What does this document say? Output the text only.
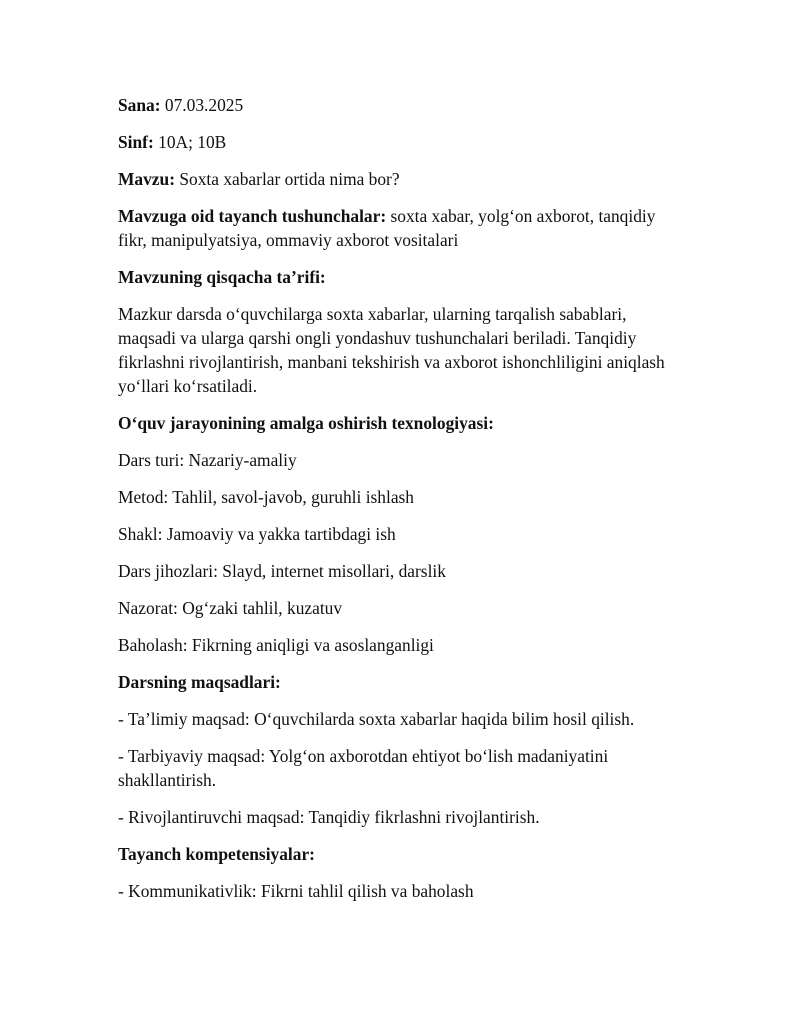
Sana: 07.03.2025

Sinf: 10A; 10B

Mavzu: Soxta xabarlar ortida nima bor?

Mavzuga oid tayanch tushunchalar: soxta xabar, yolg‘on axborot, tanqidiy fikr, manipulyatsiya, ommaviy axborot vositalari

Mavzuning qisqacha ta’rifi:

Mazkur darsda o‘quvchilarga soxta xabarlar, ularning tarqalish sabablari, maqsadi va ularga qarshi ongli yondashuv tushunchalari beriladi. Tanqidiy fikrlashni rivojlantirish, manbani tekshirish va axborot ishonchliligini aniqlash yo‘llari ko‘rsatiladi.

O‘quv jarayonining amalga oshirish texnologiyasi:

Dars turi: Nazariy-amaliy

Metod: Tahlil, savol-javob, guruhli ishlash

Shakl: Jamoaviy va yakka tartibdagi ish

Dars jihozlari: Slayd, internet misollari, darslik

Nazorat: Og‘zaki tahlil, kuzatuv

Baholash: Fikrning aniqligi va asoslanganligi

Darsning maqsadlari:

- Ta’limiy maqsad: O‘quvchilarda soxta xabarlar haqida bilim hosil qilish.

- Tarbiyaviy maqsad: Yolg‘on axborotdan ehtiyot bo‘lish madaniyatini shakllantirish.

- Rivojlantiruvchi maqsad: Tanqidiy fikrlashni rivojlantirish.

Tayanch kompetensiyalar:

- Kommunikativlik: Fikrni tahlil qilish va baholash
